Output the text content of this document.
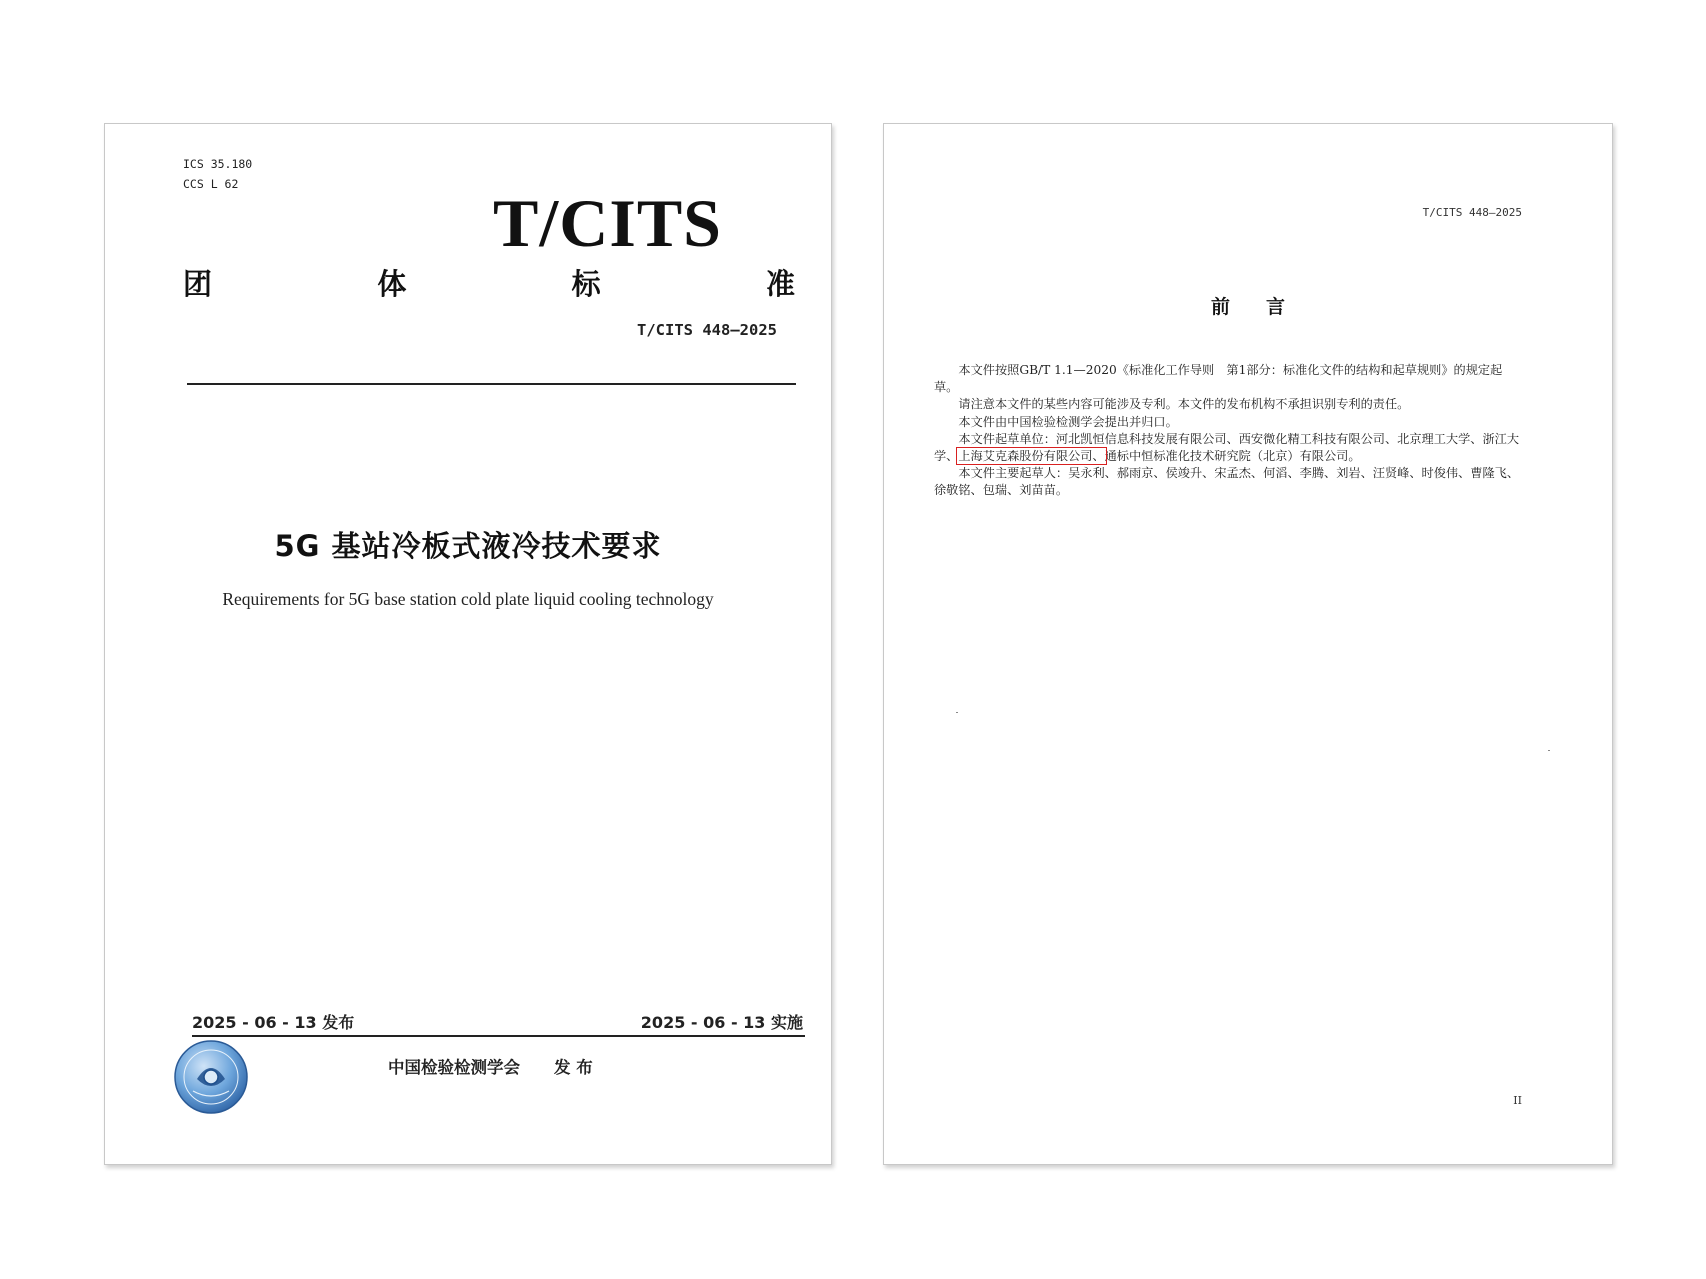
ICS 35.180
CCS L 62
T/CITS
团	体	标	准
T/CITS 448—2025
5G 基站冷板式液冷技术要求
Requirements for 5G base station cold plate liquid cooling technology
2025 - 06 - 13 发布	2025 - 06 - 13 实施
中国检验检测学会 发 布
T/CITS 448—2025
前 言
本文件按照GB/T 1.1—2020《标准化工作导则　第1部分：标准化文件的结构和起草规则》的规定起草。
请注意本文件的某些内容可能涉及专利。本文件的发布机构不承担识别专利的责任。
本文件由中国检验检测学会提出并归口。
本文件起草单位：河北凯恒信息科技发展有限公司、西安微化精工科技有限公司、北京理工大学、浙江大学、上海艾克森股份有限公司、通标中恒标准化技术研究院（北京）有限公司。
本文件主要起草人：吴永利、郝雨京、侯竣升、宋孟杰、何滔、李腾、刘岩、汪贤峰、时俊伟、曹隆飞、徐敬铭、包瑞、刘苗苗。
II
